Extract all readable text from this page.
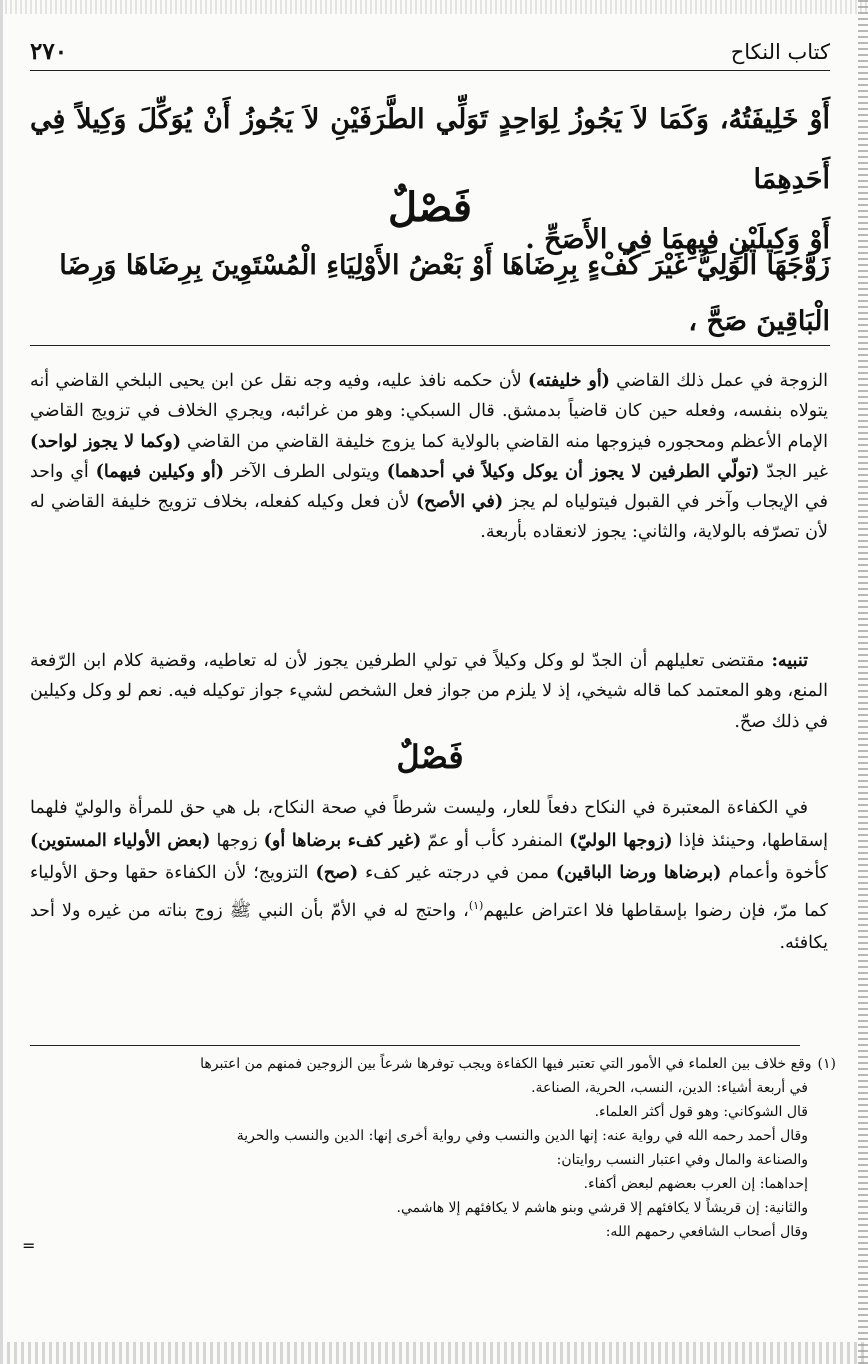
كتاب النكاح
٢٧٠
أَوْ خَلِيفَتُهُ، وَكَمَا لاَ يَجُوزُ لِوَاحِدٍ تَوَلِّي الطَّرَفَيْنِ لاَ يَجُوزُ أَنْ يُوَكِّلَ وَكِيلاً فِي أَحَدِهِمَا
أَوْ وَكِيلَيْنِ فِيهِمَا فِي الأَصَحِّ .
فَصْلٌ
زَوَّجَهَا الْوَلِيُّ غَيْرَ كُفْءٍ بِرِضَاهَا أَوْ بَعْضُ الأَوْلِيَاءِ الْمُسْتَوِينَ بِرِضَاهَا وَرِضَا
الْبَاقِينَ صَحَّ ،

الزوجة في عمل ذلك القاضي (أو خليفته) لأن حكمه نافذ عليه، وفيه وجه نقل عن ابن يحيى البلخي القاضي أنه يتولاه بنفسه، وفعله حين كان قاضياً بدمشق. قال السبكي: وهو من غرائبه، ويجري الخلاف في تزويج القاضي الإمام الأعظم ومحجوره فيزوجها منه القاضي بالولاية كما يزوج خليفة القاضي من القاضي (وكما لا يجوز لواحد) غير الجدّ (تولّي الطرفين لا يجوز أن يوكل وكيلاً في أحدهما) ويتولى الطرف الآخر (أو وكيلين فيهما) أي واحد في الإيجاب وآخر في القبول فيتولياه لم يجز (في الأصح) لأن فعل وكيله كفعله، بخلاف تزويج خليفة القاضي له لأن تصرّفه بالولاية، والثاني: يجوز لانعقاده بأربعة.

تنبيه: مقتضى تعليلهم أن الجدّ لو وكل وكيلاً في تولي الطرفين يجوز لأن له تعاطيه، وقضية كلام ابن الرّفعة المنع، وهو المعتمد كما قاله شيخي، إذ لا يلزم من جواز فعل الشخص لشيء جواز توكيله فيه. نعم لو وكل وكيلين في ذلك صحّ.

فَصْلٌ

في الكفاءة المعتبرة في النكاح دفعاً للعار، وليست شرطاً في صحة النكاح، بل هي حق للمرأة والوليّ فلهما إسقاطها، وحينئذ فإذا (زوجها الوليّ) المنفرد كأب أو عمّ (غير كفء برضاها أو) زوجها (بعض الأولياء المستوين) كأخوة وأعمام (برضاها ورضا الباقين) ممن في درجته غير كفء (صح) التزويج؛ لأن الكفاءة حقها وحق الأولياء كما مرّ، فإن رضوا بإسقاطها فلا اعتراض عليهم$^{(١)}$، واحتج له في الأمّ بأن النبي ﷺ زوج بناته من غيره ولا أحد يكافئه.

(١)وقع خلاف بين العلماء في الأمور التي تعتبر فيها الكفاءة ويجب توفرها شرعاً بين الزوجين فمنهم من اعتبرها
في أربعة أشياء: الدين، النسب، الحرية، الصناعة.
قال الشوكاني: وهو قول أكثر العلماء.
وقال أحمد رحمه الله في رواية عنه: إنها الدين والنسب وفي رواية أخرى إنها: الدين والنسب والحرية
والصناعة والمال وفي اعتبار النسب روايتان:
إحداهما: إن العرب بعضهم لبعض أكفاء.
والثانية: إن قريشاً لا يكافئهم إلا قرشي وبنو هاشم لا يكافئهم إلا هاشمي.
وقال أصحاب الشافعي رحمهم الله:
=
